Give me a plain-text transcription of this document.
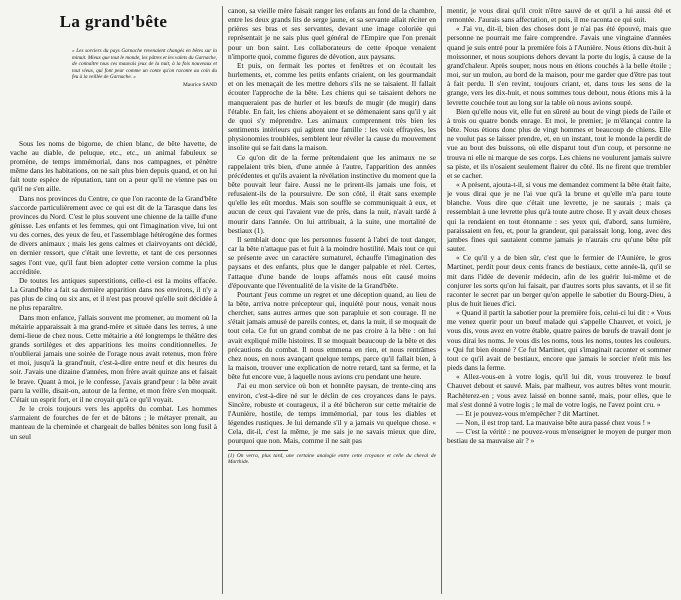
La grand'bête
« Les sorciers du pays Garnache revenaient changés en bêtes sur la minuit. Mieux que tout le monde, les pâtres et les valets du Garnache, de connaître tous ces mauvais jeux de la nuit, à la fois nouveaux et tout vieux, qui font peur comme un conte qu'on raconte au coin du feu à la veillée de Garnache. »
Maurice SAND

Sous les noms de bigorne, de chien blanc, de bête havette, de vache au diable, de peluque, etc., etc., un animal fabuleux se promène, de temps immémorial, dans nos campagnes, et pénètre même dans les habitations, on ne sait plus bien depuis quand, et on lui fait toute espèce de réputation, tant on a peur qu'il ne vienne pas ou qu'il ne s'en aille.

Dans nos provinces du Centre, ce que l'on raconte de la Grand'bête s'accorde particulièrement avec ce qui est dit de la Tarasque dans les provinces du Nord. C'est le plus souvent une chienne de la taille d'une génisse. Les enfants et les femmes, qui ont l'imagination vive, lui ont vu des cornes, des yeux de feu, et l'assemblage hétérogène des formes de divers animaux ; mais les gens calmes et clairvoyants ont décidé, en dernier ressort, que c'était une levrette, et tant de ces personnes sages l'ont vue, qu'il faut bien adopter cette version comme la plus accréditée.

De toutes les antiques superstitions, celle-ci est la moins effacée. La Grand'bête a fait sa dernière apparition dans nos environs, il n'y a pas plus de cinq ou six ans, et il n'est pas prouvé qu'elle soit décidée à ne plus reparaître.

Dans mon enfance, j'allais souvent me promener, au moment où la métairie apparaissait à ma grand-mère et située dans les terres, à une demi-lieue de chez nous. Cette métairie a été longtemps le théâtre des grands sortilèges et des apparitions les moins conditionnelles. Je n'oublierai jamais une soirée de l'orage nous avait retenus, mon frère et moi, jusqu'à la grand'nuit, c'est-à-dire entre neuf et dix heures du soir. J'avais une dizaine d'années, mon frère avait quinze ans et faisait le brave. Quant à moi, je le confesse, j'avais grand'peur : la bête avait paru la veille, disait-on, autour de la ferme, et mon frère s'en moquait. C'était un esprit fort, et il ne croyait qu'à ce qu'il voyait.

Je le crois toujours vers les apprêts du combat. Les hommes s'armaient de fourches de fer et de bâtons ; le métayer prenait, au manteau de la cheminée et chargeait de balles bénites son long fusil à un seul

canon, sa vieille mère faisait ranger les enfants au fond de la chambre, entre les deux grands lits de serge jaune, et sa servante allait réciter en prières ses bras et ses servantes, devant une image coloriée qui représentait je ne sais plus quel général de l'Empire que l'on prenait pour un bon saint. Les collaborateurs de cette époque venaient n'importe quoi, comme figures de dévotion, aux paysans.

Et puis, on fermait les portes et fenêtres et on écoutait les hurlements, et, comme les petits enfants criaient, on les gourmandait et on les menaçait de les mettre dehors s'ils ne se taisaient. Il fallait écouter l'approche de la bête. Les chiens qui se taisaient dehors ne manqueraient pas de hurler et les bœufs de mugir (de mugir) dans l'étable. En fait, les chiens aboyaient et se démenaient sans qu'il y ait de quoi s'y méprendre. Les animaux comprennent très bien les sentiments intérieurs qui agitent une famille : les voix effrayées, les physionomies troublées, semblent leur révéler la cause du mouvement insolite qui se fait dans la maison.

Ce qu'on dit de la ferme prétendaient que les animaux ne se rappelaient très bien, d'une année à l'autre, l'apparition des années précédentes et qu'ils avaient la révélation instinctive du moment que la bête pouvait leur faire. Aussi ne le prirent-ils jamais une fois, et refusaient-ils de la poursuivre. De son côté, il était sans exemple qu'elle les eût mordus. Mais son souffle se communiquait à eux, et aucun de ceux qui l'avaient vue de près, dans la nuit, n'avait tardé à mourir dans l'année. On lui attribuait, à la suite, une mortalité de bestiaux (1).

Il semblait donc que les personnes fussent à l'abri de tout danger, car la bête n'attaque pas et fuit à la moindre hostilité. Mais tout ce qui se présente avec un caractère surnaturel, échauffe l'imagination des paysans et des enfants, plus que le danger palpable et réel. Certes, l'attaque d'une bande de loups affamés nous eût causé moins d'épouvante que l'éventualité de la visite de la Grand'bête.

Pourtant j'eus comme un regret et une déception quand, au lieu de la bête, arriva notre précepteur qui, inquiété pour nous, venait nous chercher, sans autres armes que son parapluie et son courage. Il ne s'était jamais amusé de pareils contes, et, dans la nuit, il se moquait de tout cela. Ce fut un grand combat de ne pas croire à la bête : on lui avait expliqué mille histoires. Il se moquait beaucoup de la bête et des précautions du combat. Il nous emmena en rien, et nous rentrâmes chez nous, en nous avançant quelque temps, parce qu'il fallait bien, à la maison, trouver une explication de notre retard, tant sa ferme, et la bête fut encore vue, à laquelle nous avions cru pendant une heure.

J'ai eu mon service où bon et honnête paysan, de trente-cinq ans environ, c'est-à-dire né sur le déclin de ces croyances dans le pays. Sincère, robuste et courageux, il a été bûcheron sur cette métairie de l'Aunière, hostile, de temps immémorial, par tous les diables et légendes rustiques. Je lui demande s'il y a jamais vu quelque chose. « Cela, dit-il, c'est la même, je me sais je ne savais mieux que dire, pourquoi que non. Mais, comme il ne sait pas

(1) On verra, plus tard, une certaine analogie entre cette croyance et celle du cheval de Marthide.

mentir, je vous dirai qu'il croit n'être sauvé de et qu'il a lui aussi été et remontée. J'aurais sans affectation, et puis, il me raconta ce qui suit.

« J'ai vu, dit-il, bien des choses dont je n'ai pas été épouvé, mais que personne ne pourrait me faire comprendre. J'avais une vingtaine d'années quand je suis entré pour la première fois à l'Aunière. Nous étions dix-huit à moissonner, et nous soupions dehors devant la porte du logis, à cause de la grand'chaleur. Après souper, nous nous en étions couchés à la belle étoile ; moi, sur un mulon, au bord de la maison, pour me garder que d'être pas tout à fait perdu. Il s'en revint, toujours criant, et, dans tous les sens de la grange, vers les dix-huit, et nous sommes tous debout, nous étions mis à la levrette couchée tout au long sur la table où nous avions soupé.

Bien qu'elle nous vit, elle fut en sûreté au bout de vingt pieds de l'aile et à trois ou quatre bonds enrage. Et moi, le premier, je m'élançai contre la bête. Nous étions donc plus de vingt hommes et beaucoup de chiens. Elle ne voulut pas se laisser prendre, et, en un instant, tout le monde la perdit de vue au bout des buissons, où elle disparut tout d'un coup, et personne ne trouva ni elle ni marque de ses corps. Les chiens ne voulurent jamais suivre sa piste, et ils n'osaient seulement flairer du côté. Ils ne firent que trembler et se cacher.

« A présent, ajouta-t-il, si vous me demandez comment la bête était faite, je vous dirai que je ne l'ai vue qu'à la brune et qu'elle m'a paru toute blanche. Vous dire que c'était une levrette, je ne saurais ; mais ça ressemblait à une levrette plus qu'à toute autre chose. Il y avait deux choses qui la rendaient en tout étonnante : ses yeux qui, d'abord, sans lumière, paraissaient en feu, et, pour la grandeur, qui paraissait long, long, avec des jambes fines qui sautaient comme jamais je n'aurais cru qu'une bête pût sauter.

« Ce qu'il y a de bien sûr, c'est que le fermier de l'Aunière, le gros Martinet, perdit pour deux cents francs de bestiaux, cette année-là, qu'il se mit dans l'idée de devenir médecin, afin de les guérir lui-même et de conjurer les sorts qu'on lui faisait, par d'autres sorts plus savants, et il se fit raconter le secret par un berger qu'on appelle le sabotier du Bourg-Dieu, à plus de huit lieues d'ici.

« Quand il partit la sabotier pour la première fois, celui-ci lui dit : « Vous me venez querir pour un bœuf malade qui s'appelle Chauvet, et voici, je vous dis, vous avez en votre étable, quatre paires de bœufs de travail dont je vous dirai les noms. Je vous dis les noms, tous les noms, toutes les couleurs. » Qui fut bien étonné ? Ce fut Martinet, qui s'imaginait raconter et sommer tout ce qu'il avait de bestiaux, encore que jamais le sorcier n'eût mis les pieds dans la ferme.

« Allez-vous-en à votre logis, qu'il lui dit, vous trouverez le bœuf Chauvet debout et sauvé. Mais, par malheur, vos autres bêtes vont mourir. Rachèterez-en ; vous avez laissé en bonne santé, mais, pour elles, que le mal s'est donné à votre logis ; le mal de votre logis, ne l'avez point cru. »

— Et je pouvez-vous m'empêcher ? dit Martinet.

— Non, il est trop tard. La mauvaise bête aura passé chez vous ! »

— C'est la vérité : ne pouvez-vous m'enseigner le moyen de purger mon bestiau de sa mauvaise air ? »
